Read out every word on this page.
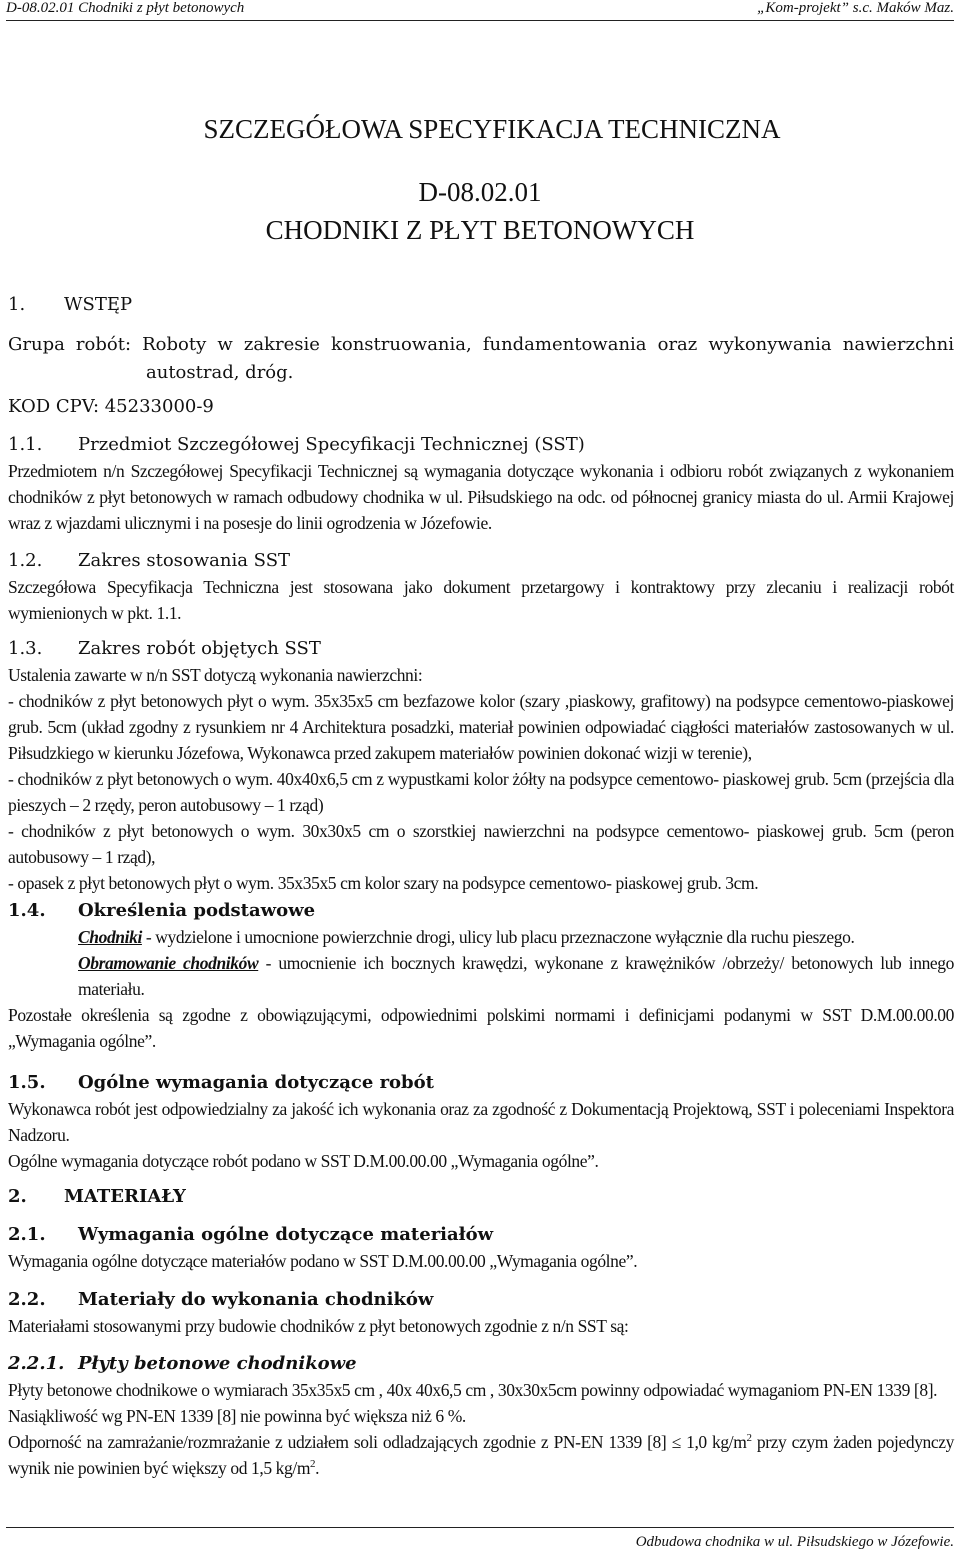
D-08.02.01 Chodniki z płyt betonowych	„Kom-projekt” s.c. Maków Maz.
SZCZEGÓŁOWA SPECYFIKACJA TECHNICZNA
D-08.02.01
CHODNIKI Z PŁYT BETONOWYCH
1. WSTĘP
Grupa robót: Roboty w zakresie konstruowania, fundamentowania oraz wykonywania nawierzchni autostrad, dróg.
KOD CPV: 45233000-9

1.1. Przedmiot Szczegółowej Specyfikacji Technicznej (SST)

Przedmiotem n/n Szczegółowej Specyfikacji Technicznej są wymagania dotyczące wykonania i odbioru robót związanych z wykonaniem chodników z płyt betonowych w ramach odbudowy chodnika w ul. Piłsudskiego na odc. od północnej granicy miasta do ul. Armii Krajowej wraz z wjazdami ulicznymi i na posesje do linii ogrodzenia w Józefowie.

1.2. Zakres stosowania SST

Szczegółowa Specyfikacja Techniczna jest stosowana jako dokument przetargowy i kontraktowy przy zlecaniu i realizacji robót wymienionych w pkt. 1.1.

1.3. Zakres robót objętych SST

Ustalenia zawarte w n/n SST dotyczą wykonania nawierzchni:

- chodników z płyt betonowych płyt o wym. 35x35x5 cm bezfazowe kolor (szary ,piaskowy, grafitowy) na podsypce cementowo-piaskowej grub. 5cm (układ zgodny z rysunkiem nr 4 Architektura posadzki, materiał powinien odpowiadać ciągłości materiałów zastosowanych w ul. Piłsudzkiego w kierunku Józefowa, Wykonawca przed zakupem materiałów powinien dokonać wizji w terenie),

- chodników z płyt betonowych o wym. 40x40x6,5 cm z wypustkami kolor żółty na podsypce cementowo- piaskowej grub. 5cm (przejścia dla pieszych – 2 rzędy, peron autobusowy – 1 rząd)

- chodników z płyt betonowych o wym. 30x30x5 cm o szorstkiej nawierzchni na podsypce cementowo- piaskowej grub. 5cm (peron autobusowy – 1 rząd),

- opasek z płyt betonowych płyt o wym. 35x35x5 cm kolor szary na podsypce cementowo- piaskowej grub. 3cm.

1.4. Określenia podstawowe

Chodniki - wydzielone i umocnione powierzchnie drogi, ulicy lub placu przeznaczone wyłącznie dla ruchu pieszego.

Obramowanie chodników - umocnienie ich bocznych krawędzi, wykonane z krawężników /obrzeży/ betonowych lub innego materiału.

Pozostałe określenia są zgodne z obowiązującymi, odpowiednimi polskimi normami i definicjami podanymi w SST D.M.00.00.00 „Wymagania ogólne”.

1.5. Ogólne wymagania dotyczące robót

Wykonawca robót jest odpowiedzialny za jakość ich wykonania oraz za zgodność z Dokumentacją Projektową, SST i poleceniami Inspektora Nadzoru.

Ogólne wymagania dotyczące robót podano w SST D.M.00.00.00 „Wymagania ogólne”.

2. MATERIAŁY

2.1. Wymagania ogólne dotyczące materiałów

Wymagania ogólne dotyczące materiałów podano w SST D.M.00.00.00 „Wymagania ogólne”.

2.2. Materiały do wykonania chodników

Materiałami stosowanymi przy budowie chodników z płyt betonowych zgodnie z n/n SST są:

2.2.1. Płyty betonowe chodnikowe

Płyty betonowe chodnikowe o wymiarach 35x35x5 cm , 40x 40x6,5 cm , 30x30x5cm powinny odpowiadać wymaganiom PN-EN 1339 [8].

Nasiąkliwość wg PN-EN 1339 [8] nie powinna być większa niż 6 %.

Odporność na zamrażanie/rozmrażanie z udziałem soli odladzających zgodnie z PN-EN 1339 [8] ≤ 1,0 $kg/m^2$ przy czym żaden pojedynczy wynik nie powinien być większy od 1,5 $kg/m^2$.

Odbudowa chodnika w ul. Piłsudskiego w Józefowie.
